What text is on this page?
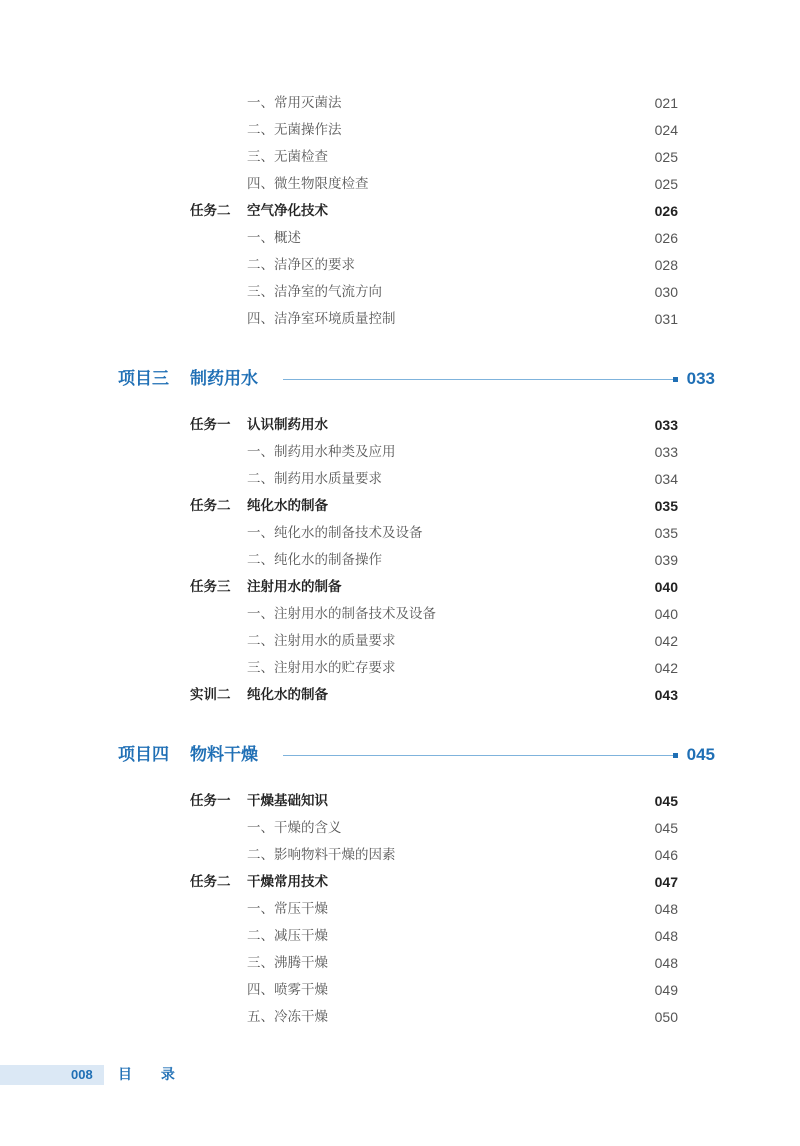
一、常用灭菌法	021
二、无菌操作法	024
三、无菌检查	025
四、微生物限度检查	025
任务二 空气净化技术	026
一、概述	026
二、洁净区的要求	028
三、洁净室的气流方向	030
四、洁净室环境质量控制	031
项目三 制药用水	033
任务一 认识制药用水	033
一、制药用水种类及应用	033
二、制药用水质量要求	034
任务二 纯化水的制备	035
一、纯化水的制备技术及设备	035
二、纯化水的制备操作	039
任务三 注射用水的制备	040
一、注射用水的制备技术及设备	040
二、注射用水的质量要求	042
三、注射用水的贮存要求	042
实训二 纯化水的制备	043
项目四 物料干燥	045
任务一 干燥基础知识	045
一、干燥的含义	045
二、影响物料干燥的因素	046
任务二 干燥常用技术	047
一、常压干燥	048
二、减压干燥	048
三、沸腾干燥	048
四、喷雾干燥	049
五、冷冻干燥	050
008 目 录
